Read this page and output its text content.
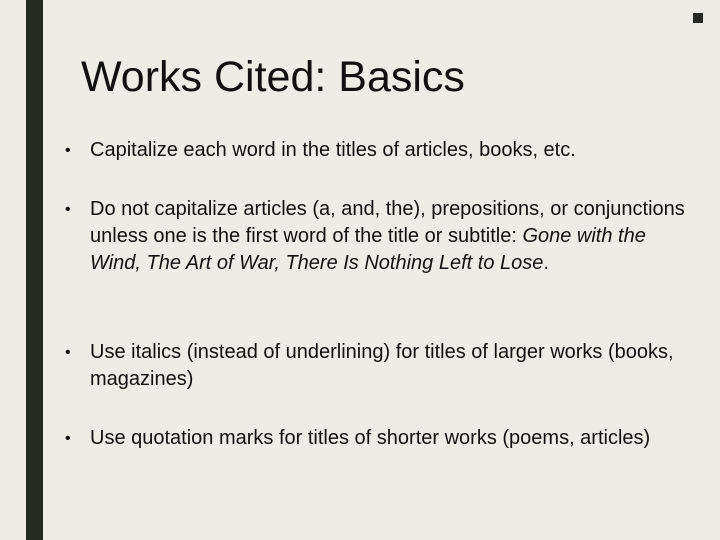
Works Cited: Basics
• Capitalize each word in the titles of articles, books, etc.
• Do not capitalize articles (a, and, the), prepositions, or conjunctions unless one is the first word of the title or subtitle: Gone with the Wind, The Art of War, There Is Nothing Left to Lose.
• Use italics (instead of underlining) for titles of larger works (books, magazines)
• Use quotation marks for titles of shorter works (poems, articles)
